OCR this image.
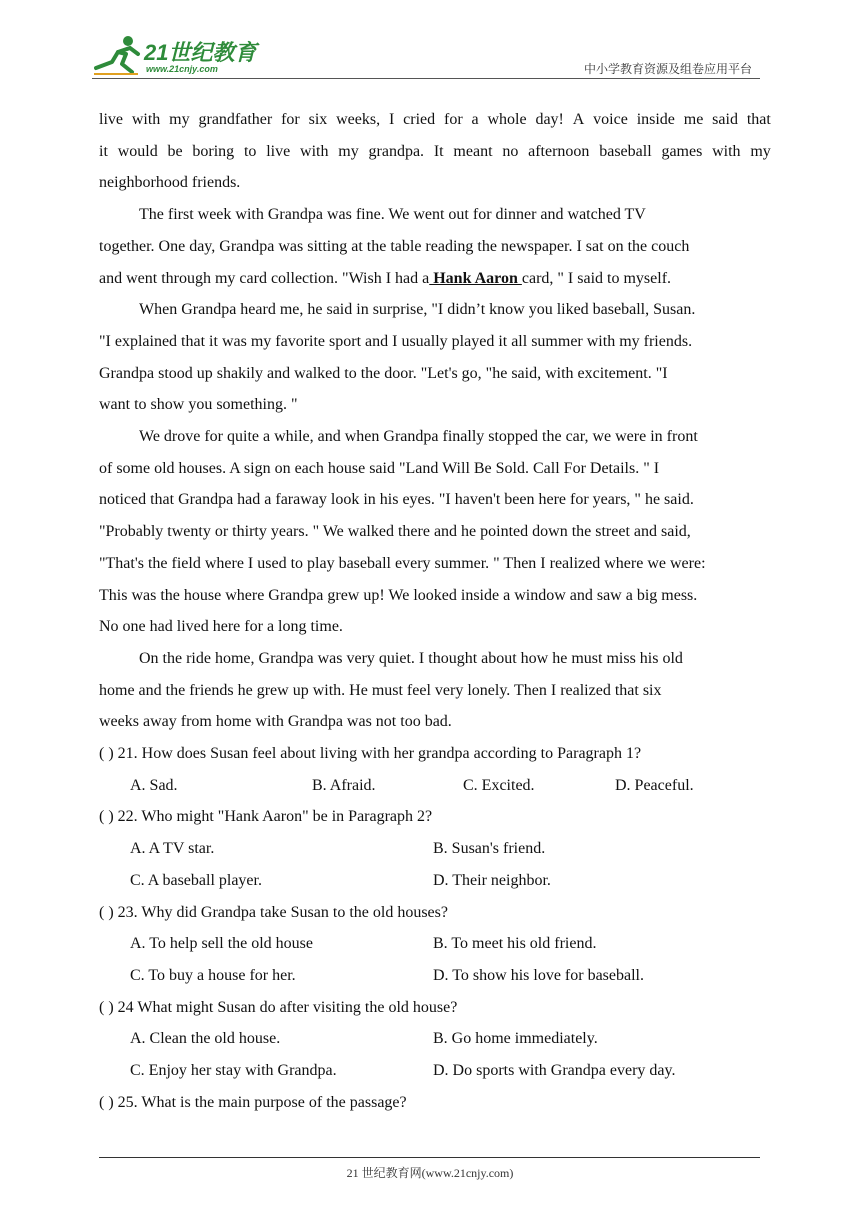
21世纪教育
www.21cnjy.com	中小学教育资源及组卷应用平台

live with my grandfather for six weeks, I cried for a whole day! A voice inside me said that

it would be boring to live with my grandpa. It meant no afternoon baseball games with my

neighborhood friends.

The first week with Grandpa was fine. We went out for dinner and watched TV

together. One day, Grandpa was sitting at the table reading the newspaper. I sat on the couch

and went through my card collection. "Wish I had a Hank Aaron card, " I said to myself.

When Grandpa heard me, he said in surprise, "I didn’t know you liked baseball, Susan.

"I explained that it was my favorite sport and I usually played it all summer with my friends.

Grandpa stood up shakily and walked to the door. "Let's go, "he said, with excitement. "I

want to show you something. "

We drove for quite a while, and when Grandpa finally stopped the car, we were in front

of some old houses. A sign on each house said "Land Will Be Sold. Call For Details. " I

noticed that Grandpa had a faraway look in his eyes. "I haven't been here for years, " he said.

"Probably twenty or thirty years. " We walked there and he pointed down the street and said,

"That's the field where I used to play baseball every summer. " Then I realized where we were:

This was the house where Grandpa grew up! We looked inside a window and saw a big mess.

No one had lived here for a long time.

On the ride home, Grandpa was very quiet. I thought about how he must miss his old

home and the friends he grew up with. He must feel very lonely. Then I realized that six

weeks away from home with Grandpa was not too bad.

( ) 21. How does Susan feel about living with her grandpa according to Paragraph 1?

A. Sad.	B. Afraid.	C. Excited.	D. Peaceful.

( ) 22. Who might "Hank Aaron" be in Paragraph 2?

A. A TV star.	B. Susan's friend.
C. A baseball player.	D. Their neighbor.

( ) 23. Why did Grandpa take Susan to the old houses?

A. To help sell the old house	B. To meet his old friend.
C. To buy a house for her.	D. To show his love for baseball.

( ) 24 What might Susan do after visiting the old house?

A. Clean the old house.	B. Go home immediately.
C. Enjoy her stay with Grandpa.	D. Do sports with Grandpa every day.

( ) 25. What is the main purpose of the passage?

21 世纪教育网(www.21cnjy.com)
